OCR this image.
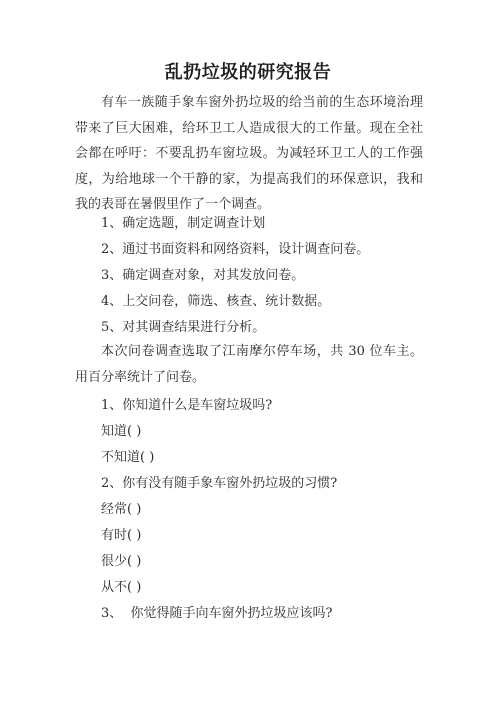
乱扔垃圾的研究报告
有车一族随手象车窗外扔垃圾的给当前的生态环境治理带来了巨大困难，给环卫工人造成很大的工作量。现在全社会都在呼吁：不要乱扔车窗垃圾。为减轻环卫工人的工作强度，为给地球一个干静的家，为提高我们的环保意识，我和我的表哥在暑假里作了一个调查。
1、确定选题，制定调查计划
2、通过书面资料和网络资料，设计调查问卷。
3、确定调查对象，对其发放问卷。
4、上交问卷，筛选、核查、统计数据。
5、对其调查结果进行分析。
本次问卷调查选取了江南摩尔停车场，共 30 位车主。用百分率统计了问卷。
1、你知道什么是车窗垃圾吗?
知道( )
不知道( )
2、你有没有随手象车窗外扔垃圾的习惯?
经常( )
有时( )
很少( )
从不( )
3、  你觉得随手向车窗外扔垃圾应该吗?
